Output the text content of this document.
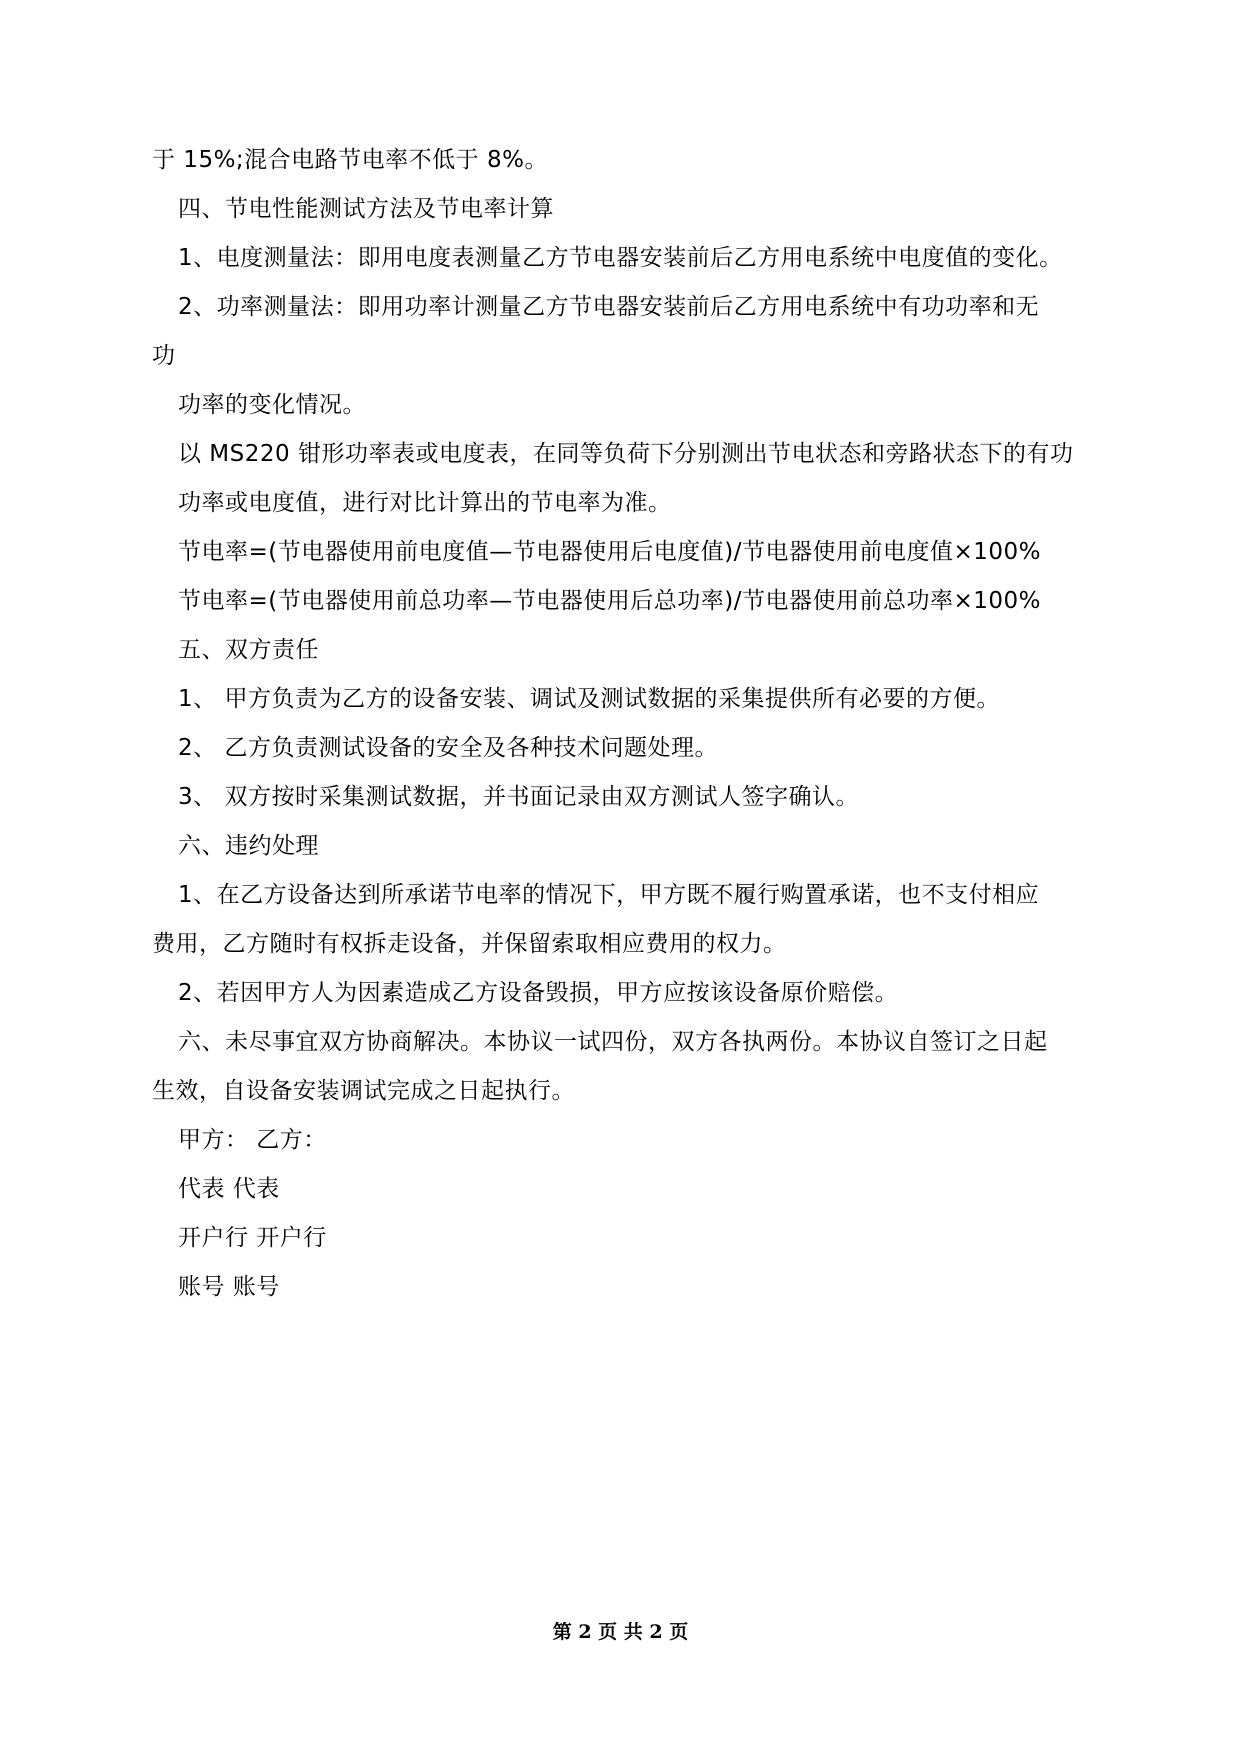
于 15%;混合电路节电率不低于 8%。
四、节电性能测试方法及节电率计算
1、电度测量法：即用电度表测量乙方节电器安装前后乙方用电系统中电度值的变化。
2、功率测量法：即用功率计测量乙方节电器安装前后乙方用电系统中有功功率和无
功
功率的变化情况。
以 MS220 钳形功率表或电度表，在同等负荷下分别测出节电状态和旁路状态下的有功
功率或电度值，进行对比计算出的节电率为准。
节电率=(节电器使用前电度值—节电器使用后电度值)/节电器使用前电度值×100%
节电率=(节电器使用前总功率—节电器使用后总功率)/节电器使用前总功率×100%
五、双方责任
1、 甲方负责为乙方的设备安装、调试及测试数据的采集提供所有必要的方便。
2、 乙方负责测试设备的安全及各种技术问题处理。
3、 双方按时采集测试数据，并书面记录由双方测试人签字确认。
六、违约处理
1、在乙方设备达到所承诺节电率的情况下，甲方既不履行购置承诺，也不支付相应
费用，乙方随时有权拆走设备，并保留索取相应费用的权力。
2、若因甲方人为因素造成乙方设备毁损，甲方应按该设备原价赔偿。
六、未尽事宜双方协商解决。本协议一试四份，双方各执两份。本协议自签订之日起
生效，自设备安装调试完成之日起执行。
甲方： 乙方：
代表 代表
开户行 开户行
账号 账号
第 2 页 共 2 页
